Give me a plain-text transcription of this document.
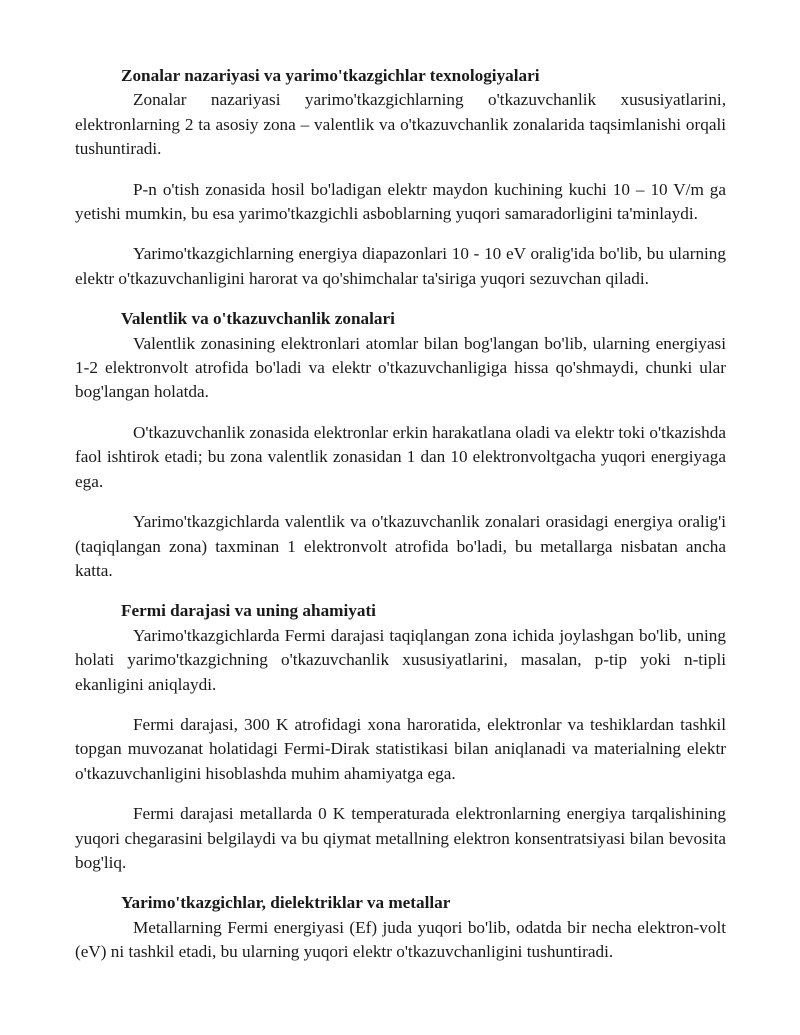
Zonalar nazariyasi va yarimo'tkazgichlar texnologiyalari

Zonalar nazariyasi yarimo'tkazgichlarning o'tkazuvchanlik xususiyatlarini, elektronlarning 2 ta asosiy zona – valentlik va o'tkazuvchanlik zonalarida taqsimlanishi orqali tushuntiradi.

P-n o'tish zonasida hosil bo'ladigan elektr maydon kuchining kuchi 10 – 10 V/m ga yetishi mumkin, bu esa yarimo'tkazgichli asboblarning yuqori samaradorligini ta'minlaydi.

Yarimo'tkazgichlarning energiya diapazonlari 10 - 10 eV oralig'ida bo'lib, bu ularning elektr o'tkazuvchanligini harorat va qo'shimchalar ta'siriga yuqori sezuvchan qiladi.

Valentlik va o'tkazuvchanlik zonalari

Valentlik zonasining elektronlari atomlar bilan bog'langan bo'lib, ularning energiyasi 1-2 elektronvolt atrofida bo'ladi va elektr o'tkazuvchanligiga hissa qo'shmaydi, chunki ular bog'langan holatda.

O'tkazuvchanlik zonasida elektronlar erkin harakatlana oladi va elektr toki o'tkazishda faol ishtirok etadi; bu zona valentlik zonasidan 1 dan 10 elektronvoltgacha yuqori energiyaga ega.

Yarimo'tkazgichlarda valentlik va o'tkazuvchanlik zonalari orasidagi energiya oralig'i (taqiqlangan zona) taxminan 1 elektronvolt atrofida bo'ladi, bu metallarga nisbatan ancha katta.

Fermi darajasi va uning ahamiyati

Yarimo'tkazgichlarda Fermi darajasi taqiqlangan zona ichida joylashgan bo'lib, uning holati yarimo'tkazgichning o'tkazuvchanlik xususiyatlarini, masalan, p-tip yoki n-tipli ekanligini aniqlaydi.

Fermi darajasi, 300 K atrofidagi xona haroratida, elektronlar va teshiklardan tashkil topgan muvozanat holatidagi Fermi-Dirak statistikasi bilan aniqlanadi va materialning elektr o'tkazuvchanligini hisoblashda muhim ahamiyatga ega.

Fermi darajasi metallarda 0 K temperaturada elektronlarning energiya tarqalishining yuqori chegarasini belgilaydi va bu qiymat metallning elektron konsentratsiyasi bilan bevosita bog'liq.

Yarimo'tkazgichlar, dielektriklar va metallar

Metallarning Fermi energiyasi (Ef) juda yuqori bo'lib, odatda bir necha elektron-volt (eV) ni tashkil etadi, bu ularning yuqori elektr o'tkazuvchanligini tushuntiradi.
